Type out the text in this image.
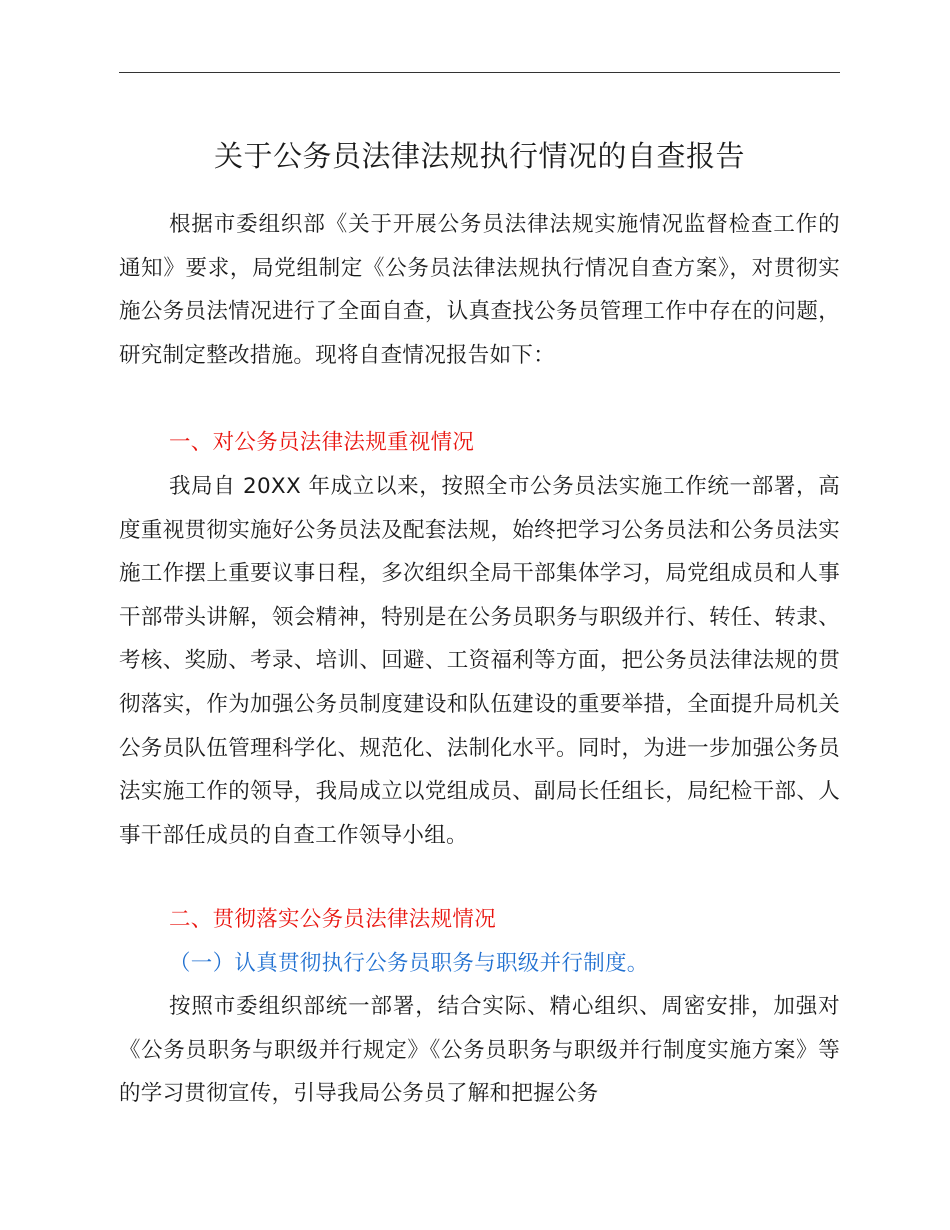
关于公务员法律法规执行情况的自查报告

根据市委组织部《关于开展公务员法律法规实施情况监督检查工作的通知》要求，局党组制定《公务员法律法规执行情况自查方案》，对贯彻实施公务员法情况进行了全面自查，认真查找公务员管理工作中存在的问题，研究制定整改措施。现将自查情况报告如下：

一、对公务员法律法规重视情况

我局自 20XX 年成立以来，按照全市公务员法实施工作统一部署，高度重视贯彻实施好公务员法及配套法规，始终把学习公务员法和公务员法实施工作摆上重要议事日程，多次组织全局干部集体学习，局党组成员和人事干部带头讲解，领会精神，特别是在公务员职务与职级并行、转任、转隶、考核、奖励、考录、培训、回避、工资福利等方面，把公务员法律法规的贯彻落实，作为加强公务员制度建设和队伍建设的重要举措，全面提升局机关公务员队伍管理科学化、规范化、法制化水平。同时，为进一步加强公务员法实施工作的领导，我局成立以党组成员、副局长任组长，局纪检干部、人事干部任成员的自查工作领导小组。

二、贯彻落实公务员法律法规情况

（一）认真贯彻执行公务员职务与职级并行制度。

按照市委组织部统一部署，结合实际、精心组织、周密安排，加强对《公务员职务与职级并行规定》《公务员职务与职级并行制度实施方案》等的学习贯彻宣传，引导我局公务员了解和把握公务
